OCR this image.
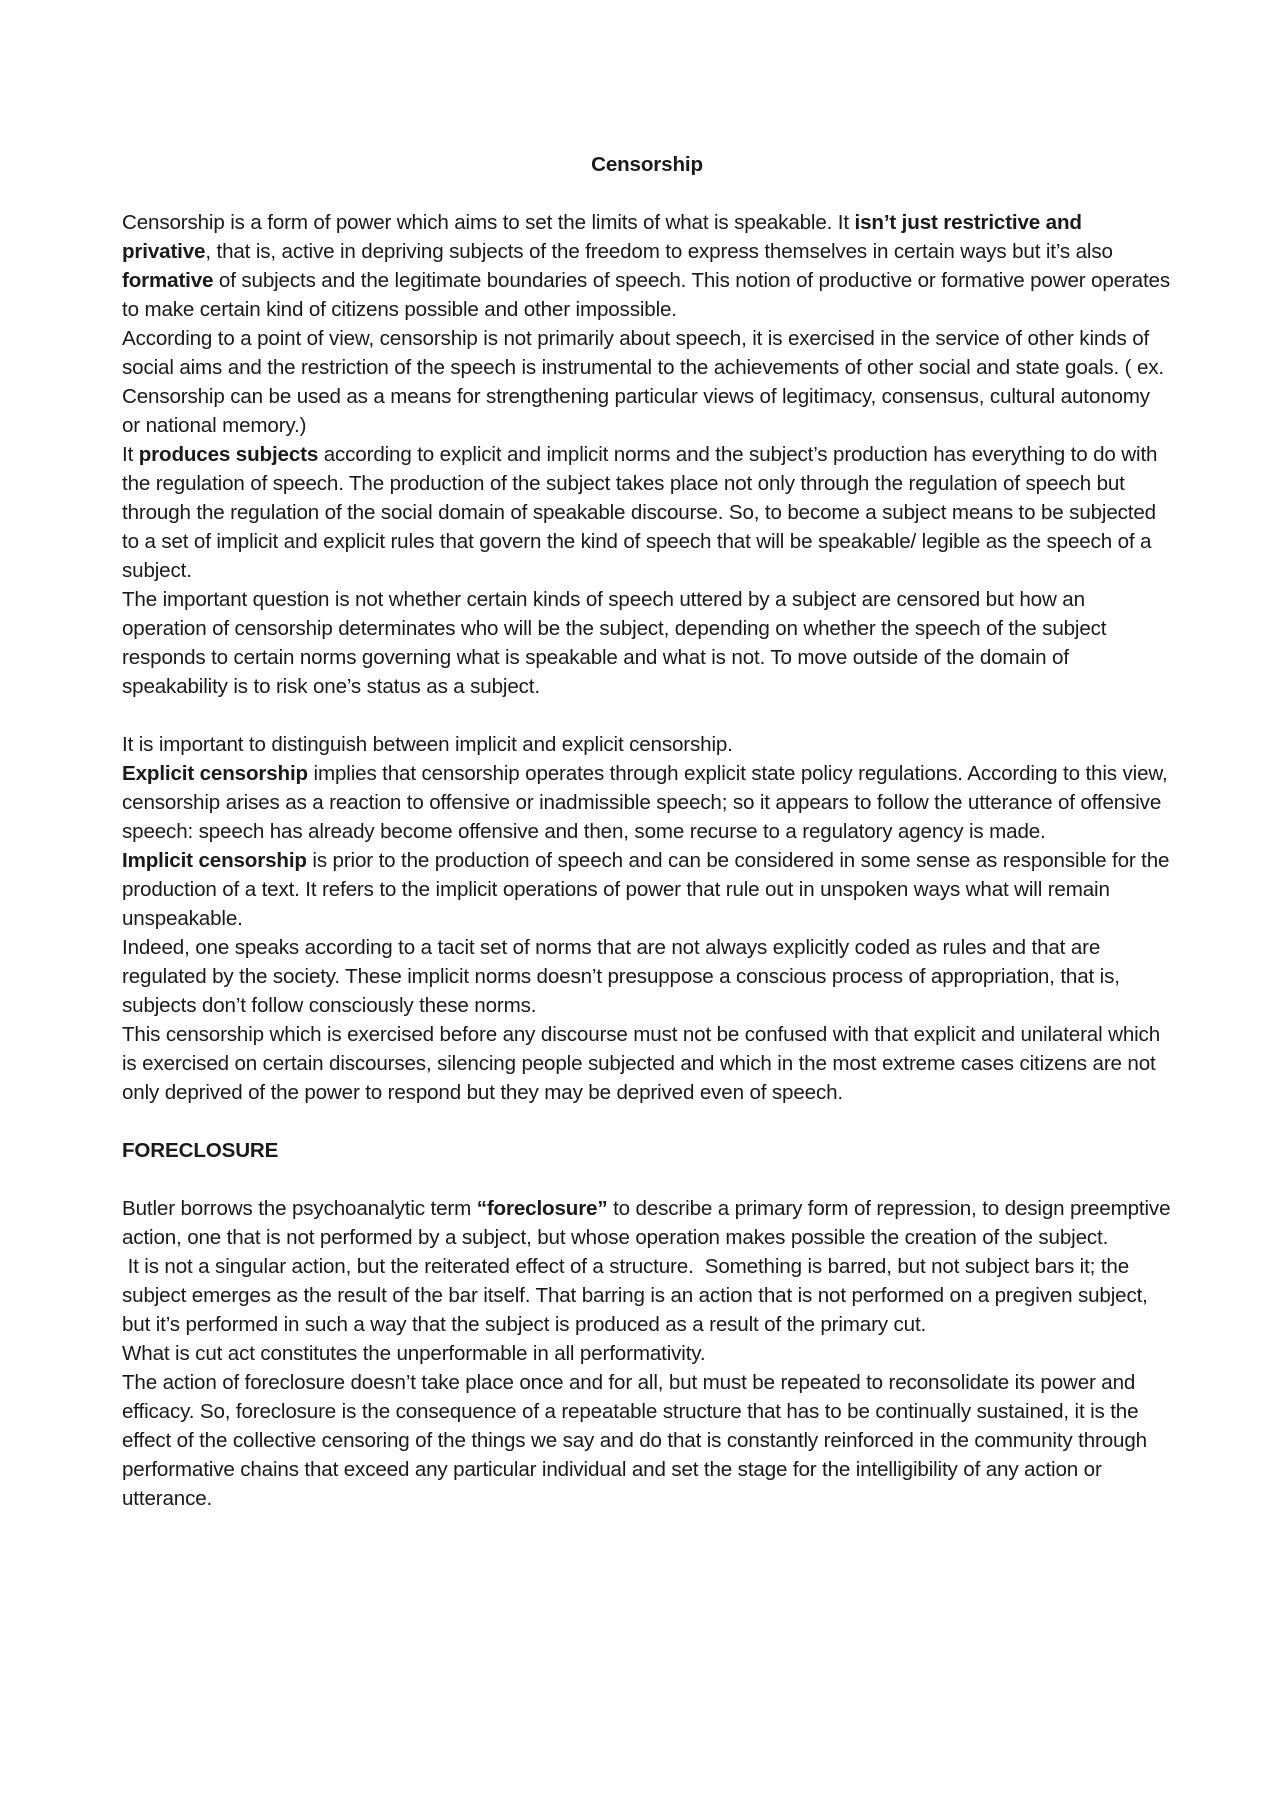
Censorship

Censorship is a form of power which aims to set the limits of what is speakable. It isn’t just restrictive and privative, that is, active in depriving subjects of the freedom to express themselves in certain ways but it’s also formative of subjects and the legitimate boundaries of speech. This notion of productive or formative power operates to make certain kind of citizens possible and other impossible.

According to a point of view, censorship is not primarily about speech, it is exercised in the service of other kinds of social aims and the restriction of the speech is instrumental to the achievements of other social and state goals. ( ex. Censorship can be used as a means for strengthening particular views of legitimacy, consensus, cultural autonomy or national memory.)

It produces subjects according to explicit and implicit norms and the subject’s production has everything to do with the regulation of speech. The production of the subject takes place not only through the regulation of speech but through the regulation of the social domain of speakable discourse. So, to become a subject means to be subjected to a set of implicit and explicit rules that govern the kind of speech that will be speakable/ legible as the speech of a subject.

The important question is not whether certain kinds of speech uttered by a subject are censored but how an operation of censorship determinates who will be the subject, depending on whether the speech of the subject responds to certain norms governing what is speakable and what is not. To move outside of the domain of speakability is to risk one’s status as a subject.

It is important to distinguish between implicit and explicit censorship.

Explicit censorship implies that censorship operates through explicit state policy regulations. According to this view, censorship arises as a reaction to offensive or inadmissible speech; so it appears to follow the utterance of offensive speech: speech has already become offensive and then, some recurse to a regulatory agency is made.

Implicit censorship is prior to the production of speech and can be considered in some sense as responsible for the production of a text. It refers to the implicit operations of power that rule out in unspoken ways what will remain unspeakable.

Indeed, one speaks according to a tacit set of norms that are not always explicitly coded as rules and that are regulated by the society. These implicit norms doesn’t presuppose a conscious process of appropriation, that is, subjects don’t follow consciously these norms.

This censorship which is exercised before any discourse must not be confused with that explicit and unilateral which is exercised on certain discourses, silencing people subjected and which in the most extreme cases citizens are not only deprived of the power to respond but they may be deprived even of speech.

FORECLOSURE

Butler borrows the psychoanalytic term “foreclosure” to describe a primary form of repression, to design preemptive action, one that is not performed by a subject, but whose operation makes possible the creation of the subject.

It is not a singular action, but the reiterated effect of a structure.  Something is barred, but not subject bars it; the subject emerges as the result of the bar itself. That barring is an action that is not performed on a pregiven subject, but it’s performed in such a way that the subject is produced as a result of the primary cut.

What is cut act constitutes the unperformable in all performativity.

The action of foreclosure doesn’t take place once and for all, but must be repeated to reconsolidate its power and efficacy. So, foreclosure is the consequence of a repeatable structure that has to be continually sustained, it is the effect of the collective censoring of the things we say and do that is constantly reinforced in the community through performative chains that exceed any particular individual and set the stage for the intelligibility of any action or utterance.
